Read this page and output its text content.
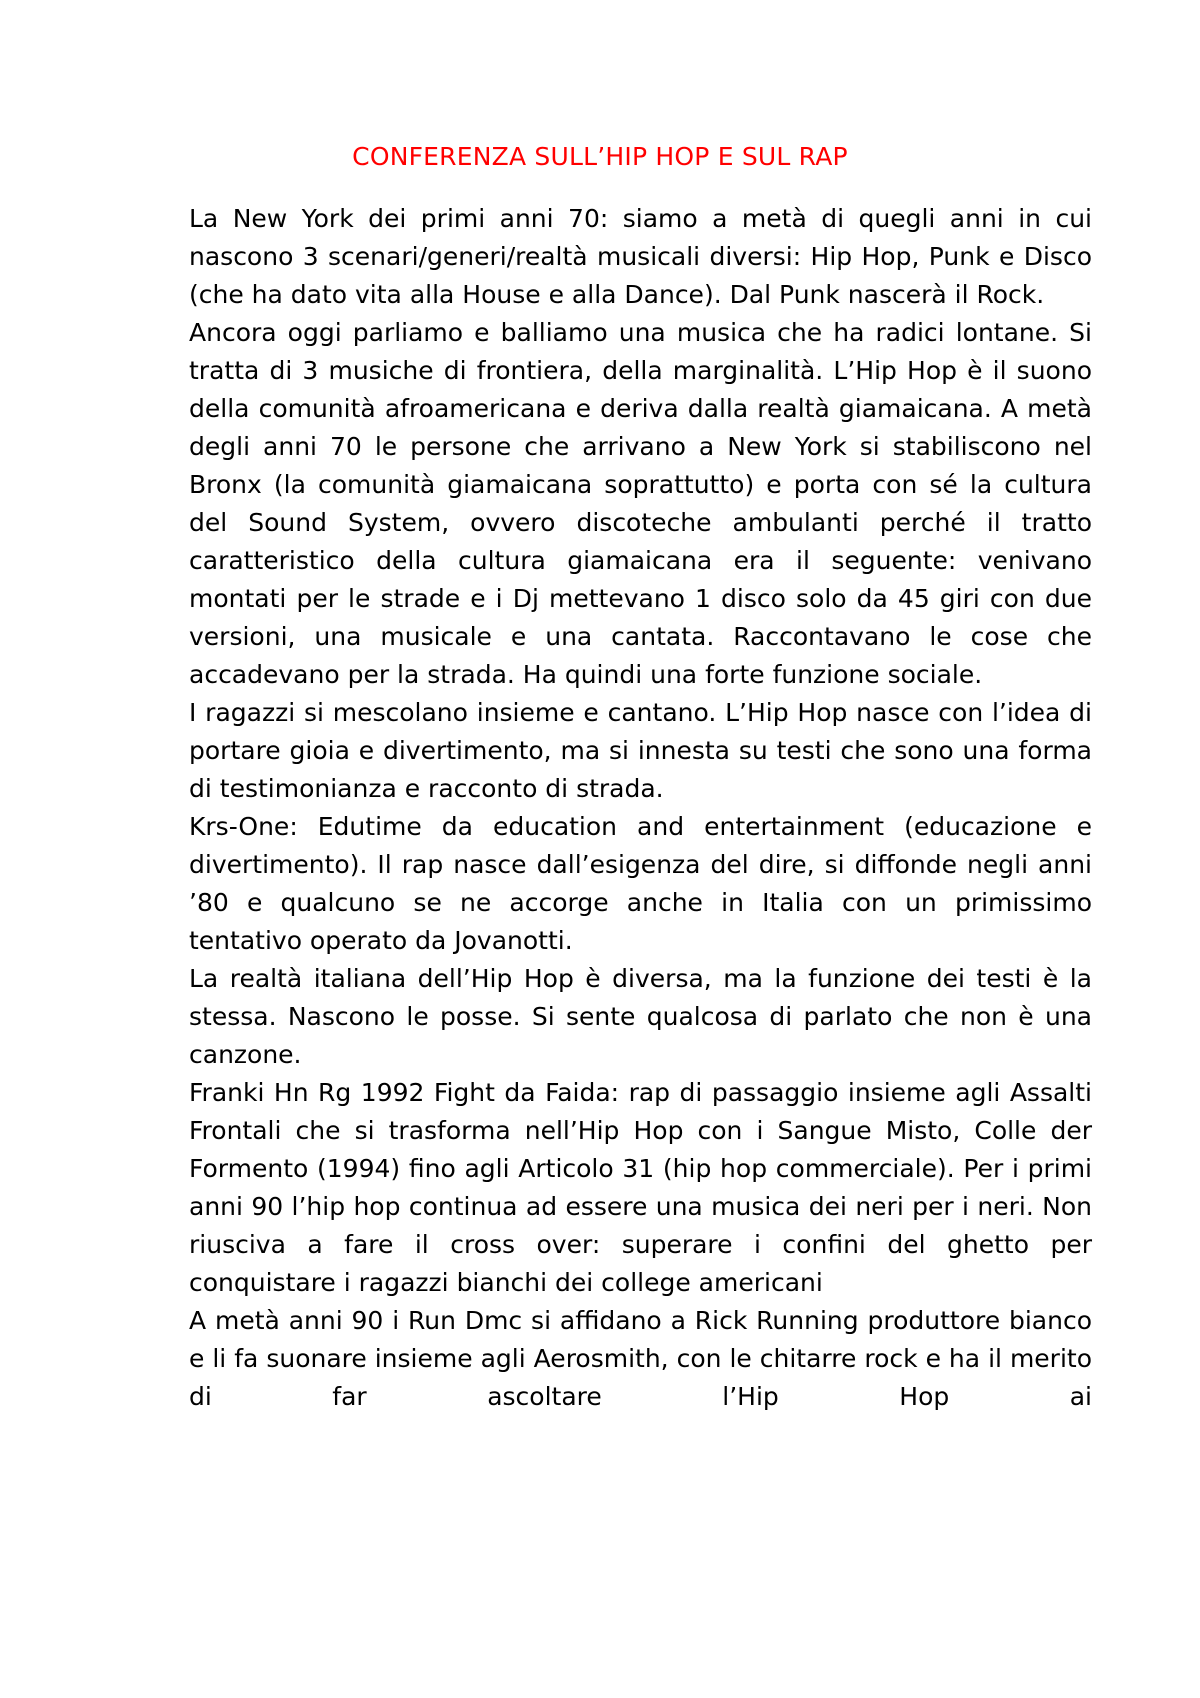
CONFERENZA SULL’HIP HOP E SUL RAP

La New York dei primi anni 70: siamo a metà di quegli anni in cui nascono 3 scenari/generi/realtà musicali diversi: Hip Hop, Punk e Disco (che ha dato vita alla House e alla Dance). Dal Punk nascerà il Rock.

Ancora oggi parliamo e balliamo una musica che ha radici lontane. Si tratta di 3 musiche di frontiera, della marginalità. L’Hip Hop è il suono della comunità afroamericana e deriva dalla realtà giamaicana. A metà degli anni 70 le persone che arrivano a New York si stabiliscono nel Bronx (la comunità giamaicana soprattutto) e porta con sé la cultura del Sound System, ovvero discoteche ambulanti perché il tratto caratteristico della cultura giamaicana era il seguente: venivano montati per le strade e i Dj mettevano 1 disco solo da 45 giri con due versioni, una musicale e una cantata. Raccontavano le cose che accadevano per la strada. Ha quindi una forte funzione sociale.

I ragazzi si mescolano insieme e cantano. L’Hip Hop nasce con l’idea di portare gioia e divertimento, ma si innesta su testi che sono una forma di testimonianza e racconto di strada.

Krs-One: Edutime da education and entertainment (educazione e divertimento). Il rap nasce dall’esigenza del dire, si diffonde negli anni ’80 e qualcuno se ne accorge anche in Italia con un primissimo tentativo operato da Jovanotti.

La realtà italiana dell’Hip Hop è diversa, ma la funzione dei testi è la stessa. Nascono le posse. Si sente qualcosa di parlato che non è una canzone.

Franki Hn Rg 1992 Fight da Faida: rap di passaggio insieme agli Assalti Frontali che si trasforma nell’Hip Hop con i Sangue Misto, Colle der Formento (1994) fino agli Articolo 31 (hip hop commerciale). Per i primi anni 90 l’hip hop continua ad essere una musica dei neri per i neri. Non riusciva a fare il cross over: superare i confini del ghetto per conquistare i ragazzi bianchi dei college americani

A metà anni 90 i Run Dmc si affidano a Rick Running produttore bianco e li fa suonare insieme agli Aerosmith, con le chitarre rock e ha il merito di far ascoltare l’Hip Hop ai
